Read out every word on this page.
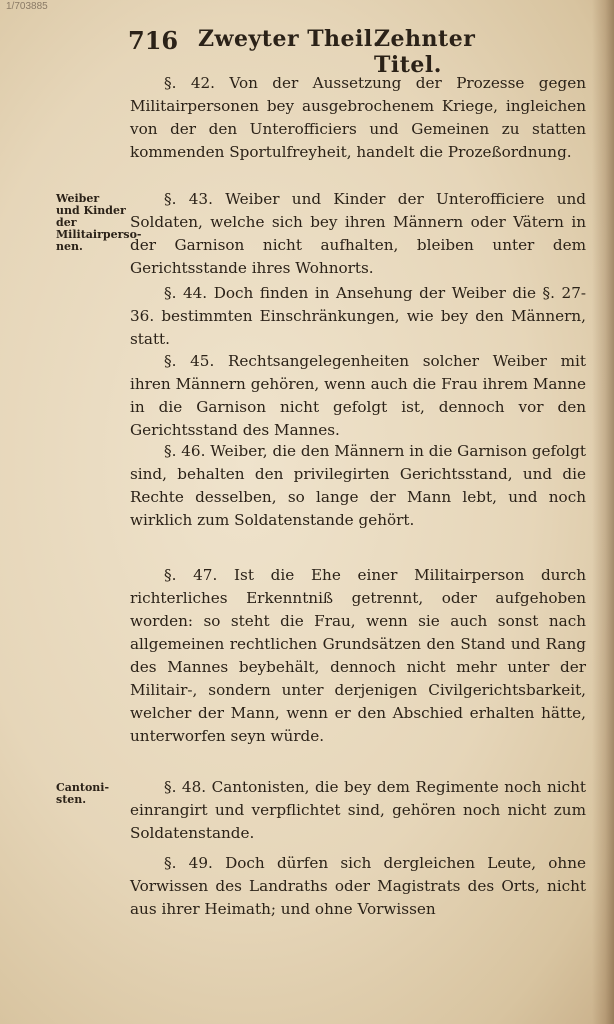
1/703885
716 Zweyter Theil.
Zehnter Titel.
Weiber und Kinder der Militairperso-nen.
Cantoni-sten.

§. 42. Von der Aussetzung der Prozesse gegen Militairpersonen bey ausgebrochenem Kriege, ingleichen von der den Unterofficiers und Gemeinen zu statten kommenden Sportulfreyheit, handelt die Prozeßordnung.

§. 43. Weiber und Kinder der Unterofficiere und Soldaten, welche sich bey ihren Männern oder Vätern in der Garnison nicht aufhalten, bleiben unter dem Gerichtsstande ihres Wohnorts.

§. 44. Doch finden in Ansehung der Weiber die §. 27-36. bestimmten Einschränkungen, wie bey den Männern, statt.

§. 45. Rechtsangelegenheiten solcher Weiber mit ihren Männern gehören, wenn auch die Frau ihrem Manne in die Garnison nicht gefolgt ist, dennoch vor den Gerichtsstand des Mannes.

§. 46. Weiber, die den Männern in die Garnison gefolgt sind, behalten den privilegirten Gerichtsstand, und die Rechte desselben, so lange der Mann lebt, und noch wirklich zum Soldatenstande gehört.

§. 47. Ist die Ehe einer Militairperson durch richterliches Erkenntniß getrennt, oder aufgehoben worden: so steht die Frau, wenn sie auch sonst nach allgemeinen rechtlichen Grundsätzen den Stand und Rang des Mannes beybehält, dennoch nicht mehr unter der Militair-, sondern unter derjenigen Civilgerichtsbarkeit, welcher der Mann, wenn er den Abschied erhalten hätte, unterworfen seyn würde.

§. 48. Cantonisten, die bey dem Regimente noch nicht einrangirt und verpflichtet sind, gehören noch nicht zum Soldatenstande.

§. 49. Doch dürfen sich dergleichen Leute, ohne Vorwissen des Landraths oder Magistrats des Orts, nicht aus ihrer Heimath; und ohne Vorwissen
